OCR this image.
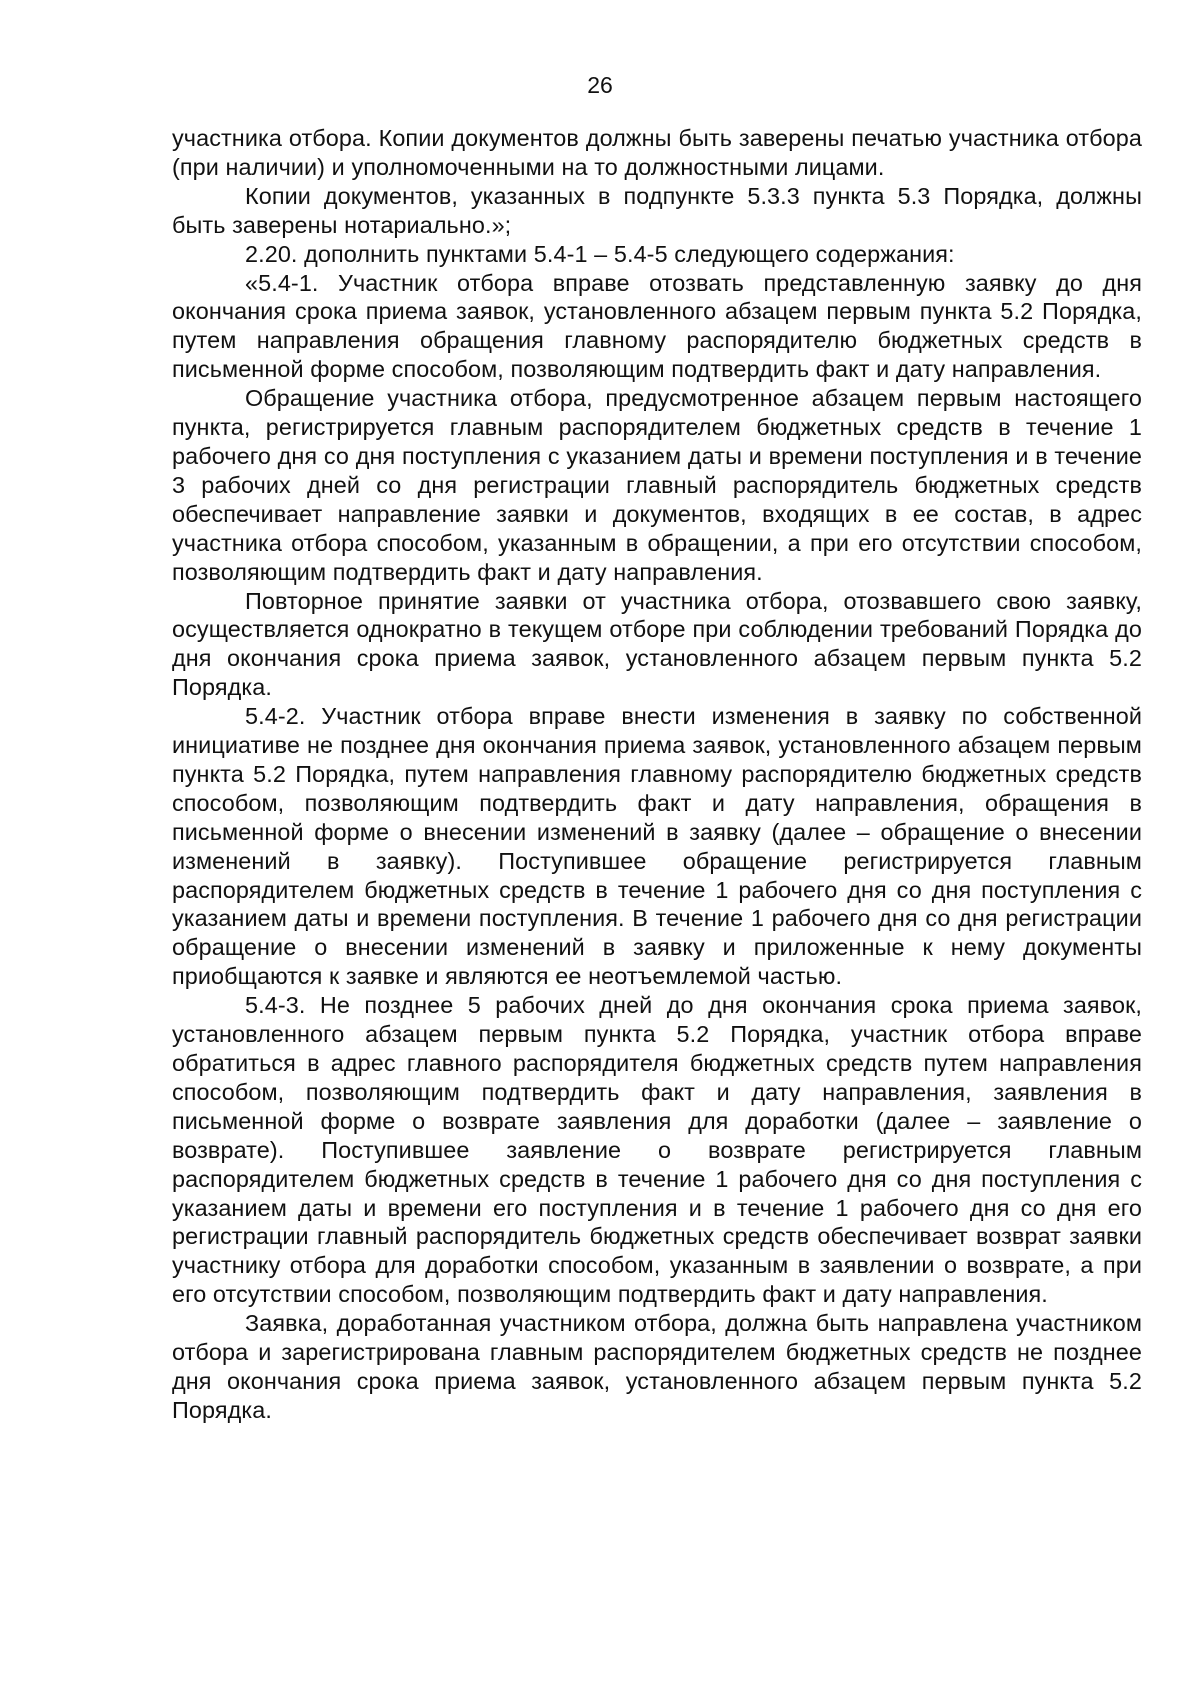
26

участника отбора. Копии документов должны быть заверены печатью участника отбора (при наличии) и уполномоченными на то должностными лицами.

Копии документов, указанных в подпункте 5.3.3 пункта 5.3 Порядка, должны быть заверены нотариально.»;

2.20. дополнить пунктами 5.4-1 – 5.4-5 следующего содержания:

«5.4-1. Участник отбора вправе отозвать представленную заявку до дня окончания срока приема заявок, установленного абзацем первым пункта 5.2 Порядка, путем направления обращения главному распорядителю бюджетных средств в письменной форме способом, позволяющим подтвердить факт и дату направления.

Обращение участника отбора, предусмотренное абзацем первым настоящего пункта, регистрируется главным распорядителем бюджетных средств в течение 1 рабочего дня со дня поступления с указанием даты и времени поступления и в течение 3 рабочих дней со дня регистрации главный распорядитель бюджетных средств обеспечивает направление заявки и документов, входящих в ее состав, в адрес участника отбора способом, указанным в обращении, а при его отсутствии способом, позволяющим подтвердить факт и дату направления.

Повторное принятие заявки от участника отбора, отозвавшего свою заявку, осуществляется однократно в текущем отборе при соблюдении требований Порядка до дня окончания срока приема заявок, установленного абзацем первым пункта 5.2 Порядка.

5.4-2. Участник отбора вправе внести изменения в заявку по собственной инициативе не позднее дня окончания приема заявок, установленного абзацем первым пункта 5.2 Порядка, путем направления главному распорядителю бюджетных средств способом, позволяющим подтвердить факт и дату направления, обращения в письменной форме о внесении изменений в заявку (далее – обращение о внесении изменений в заявку). Поступившее обращение регистрируется главным распорядителем бюджетных средств в течение 1 рабочего дня со дня поступления с указанием даты и времени поступления. В течение 1 рабочего дня со дня регистрации обращение о внесении изменений в заявку и приложенные к нему документы приобщаются к заявке и являются ее неотъемлемой частью.

5.4-3. Не позднее 5 рабочих дней до дня окончания срока приема заявок, установленного абзацем первым пункта 5.2 Порядка, участник отбора вправе обратиться в адрес главного распорядителя бюджетных средств путем направления способом, позволяющим подтвердить факт и дату направления, заявления в письменной форме о возврате заявления для доработки (далее – заявление о возврате). Поступившее заявление о возврате регистрируется главным распорядителем бюджетных средств в течение 1 рабочего дня со дня поступления с указанием даты и времени его поступления и в течение 1 рабочего дня со дня его регистрации главный распорядитель бюджетных средств обеспечивает возврат заявки участнику отбора для доработки способом, указанным в заявлении о возврате, а при его отсутствии способом, позволяющим подтвердить факт и дату направления.

Заявка, доработанная участником отбора, должна быть направлена участником отбора и зарегистрирована главным распорядителем бюджетных средств не позднее дня окончания срока приема заявок, установленного абзацем первым пункта 5.2 Порядка.
